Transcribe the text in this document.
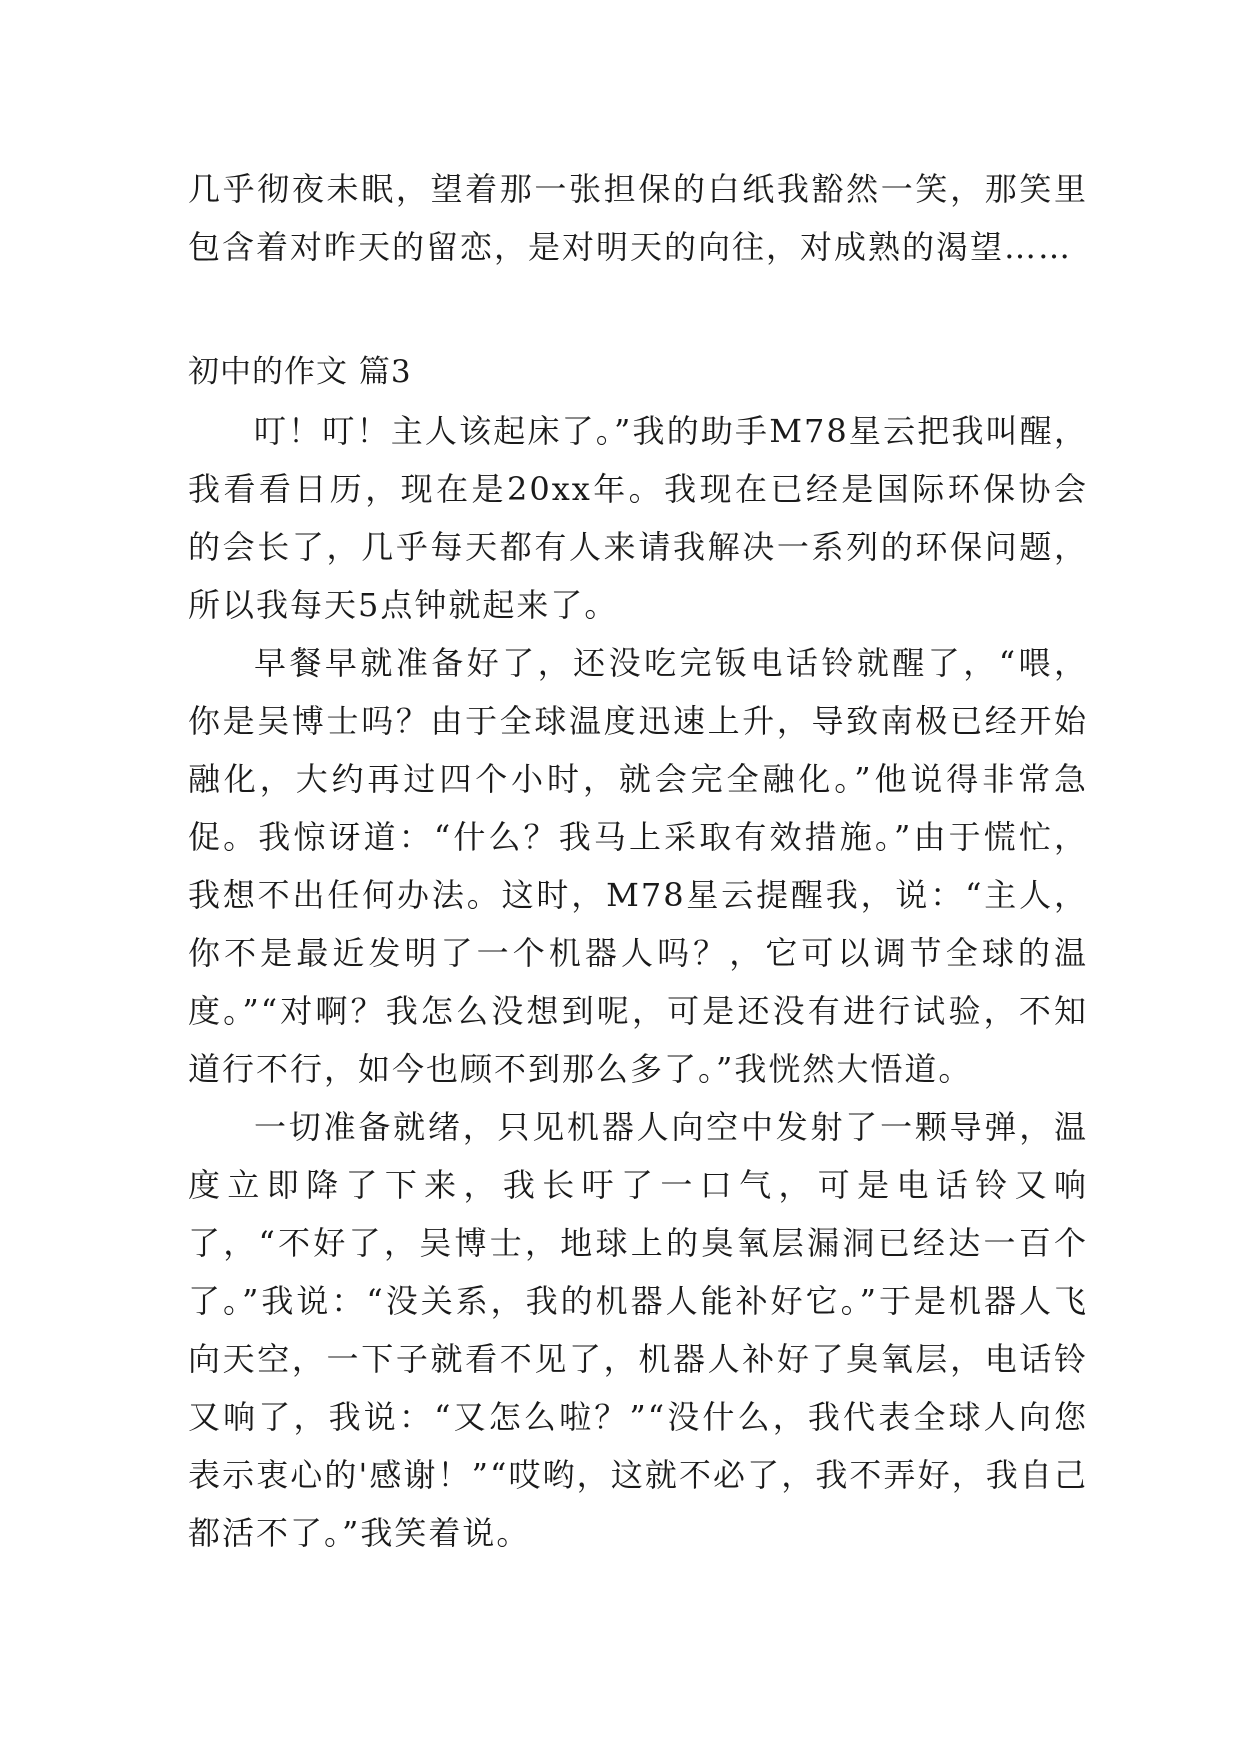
几乎彻夜未眠，望着那一张担保的白纸我豁然一笑，那笑里包含着对昨天的留恋，是对明天的向往，对成熟的渴望……

初中的作文 篇3

叮！叮！主人该起床了。”我的助手M78星云把我叫醒，我看看日历，现在是20xx年。我现在已经是国际环保协会的会长了，几乎每天都有人来请我解决一系列的环保问题，所以我每天5点钟就起来了。

早餐早就准备好了，还没吃完钣电话铃就醒了，“喂，你是吴博士吗？由于全球温度迅速上升，导致南极已经开始融化，大约再过四个小时，就会完全融化。”他说得非常急促。我惊讶道：“什么？我马上采取有效措施。”由于慌忙，我想不出任何办法。这时，M78星云提醒我，说：“主人，你不是最近发明了一个机器人吗？，它可以调节全球的温度。”“对啊？我怎么没想到呢，可是还没有进行试验，不知道行不行，如今也顾不到那么多了。”我恍然大悟道。

一切准备就绪，只见机器人向空中发射了一颗导弹，温度立即降了下来，我长吁了一口气，可是电话铃又响了，“不好了，吴博士，地球上的臭氧层漏洞已经达一百个了。”我说：“没关系，我的机器人能补好它。”于是机器人飞向天空，一下子就看不见了，机器人补好了臭氧层，电话铃又响了，我说：“又怎么啦？”“没什么，我代表全球人向您表示衷心的'感谢！”“哎哟，这就不必了，我不弄好，我自己都活不了。”我笑着说。
